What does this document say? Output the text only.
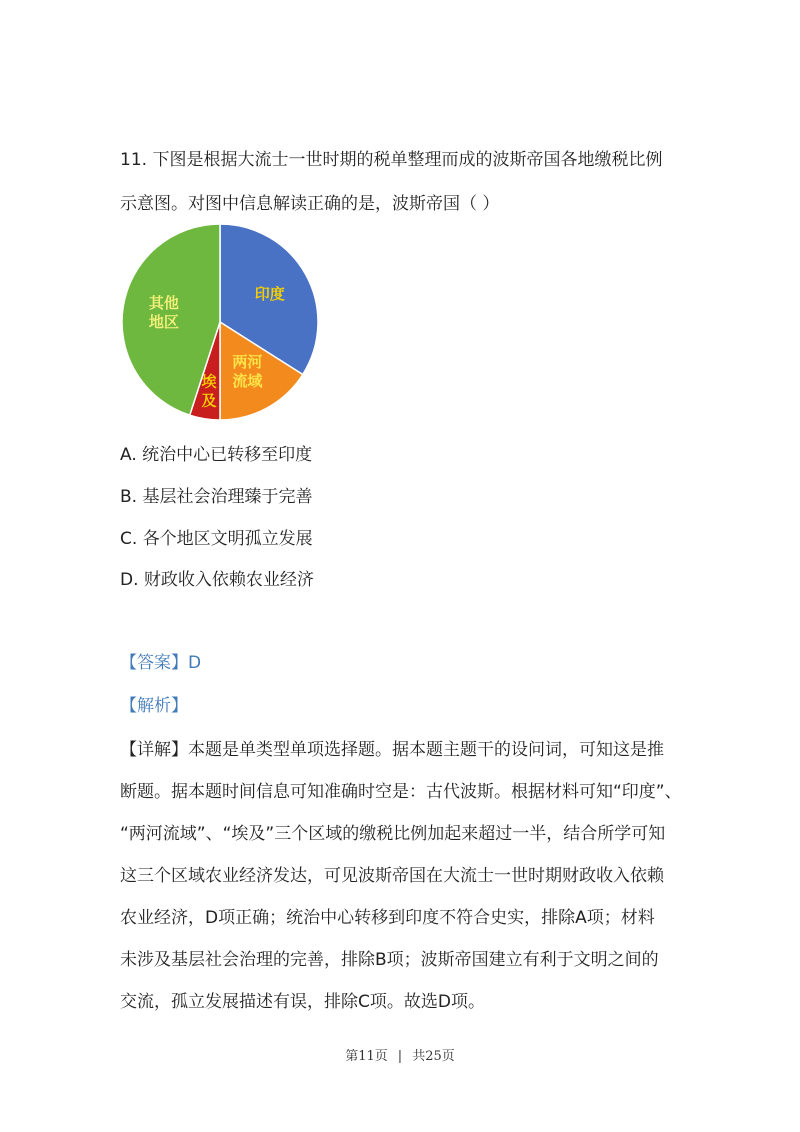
11. 下图是根据大流士一世时期的税单整理而成的波斯帝国各地缴税比例
示意图。对图中信息解读正确的是，波斯帝国（ ）
印度
两河
流域
埃
及
其他
地区
A. 统治中心已转移至印度
B. 基层社会治理臻于完善
C. 各个地区文明孤立发展
D. 财政收入依赖农业经济
【答案】D
【解析】
【详解】本题是单类型单项选择题。据本题主题干的设问词，可知这是推
断题。据本题时间信息可知准确时空是：古代波斯。根据材料可知“印度”、
“两河流域”、“埃及”三个区域的缴税比例加起来超过一半，结合所学可知
这三个区域农业经济发达，可见波斯帝国在大流士一世时期财政收入依赖
农业经济，D项正确；统治中心转移到印度不符合史实，排除A项；材料
未涉及基层社会治理的完善，排除B项；波斯帝国建立有利于文明之间的
交流，孤立发展描述有误，排除C项。故选D项。
第11页 | 共25页
